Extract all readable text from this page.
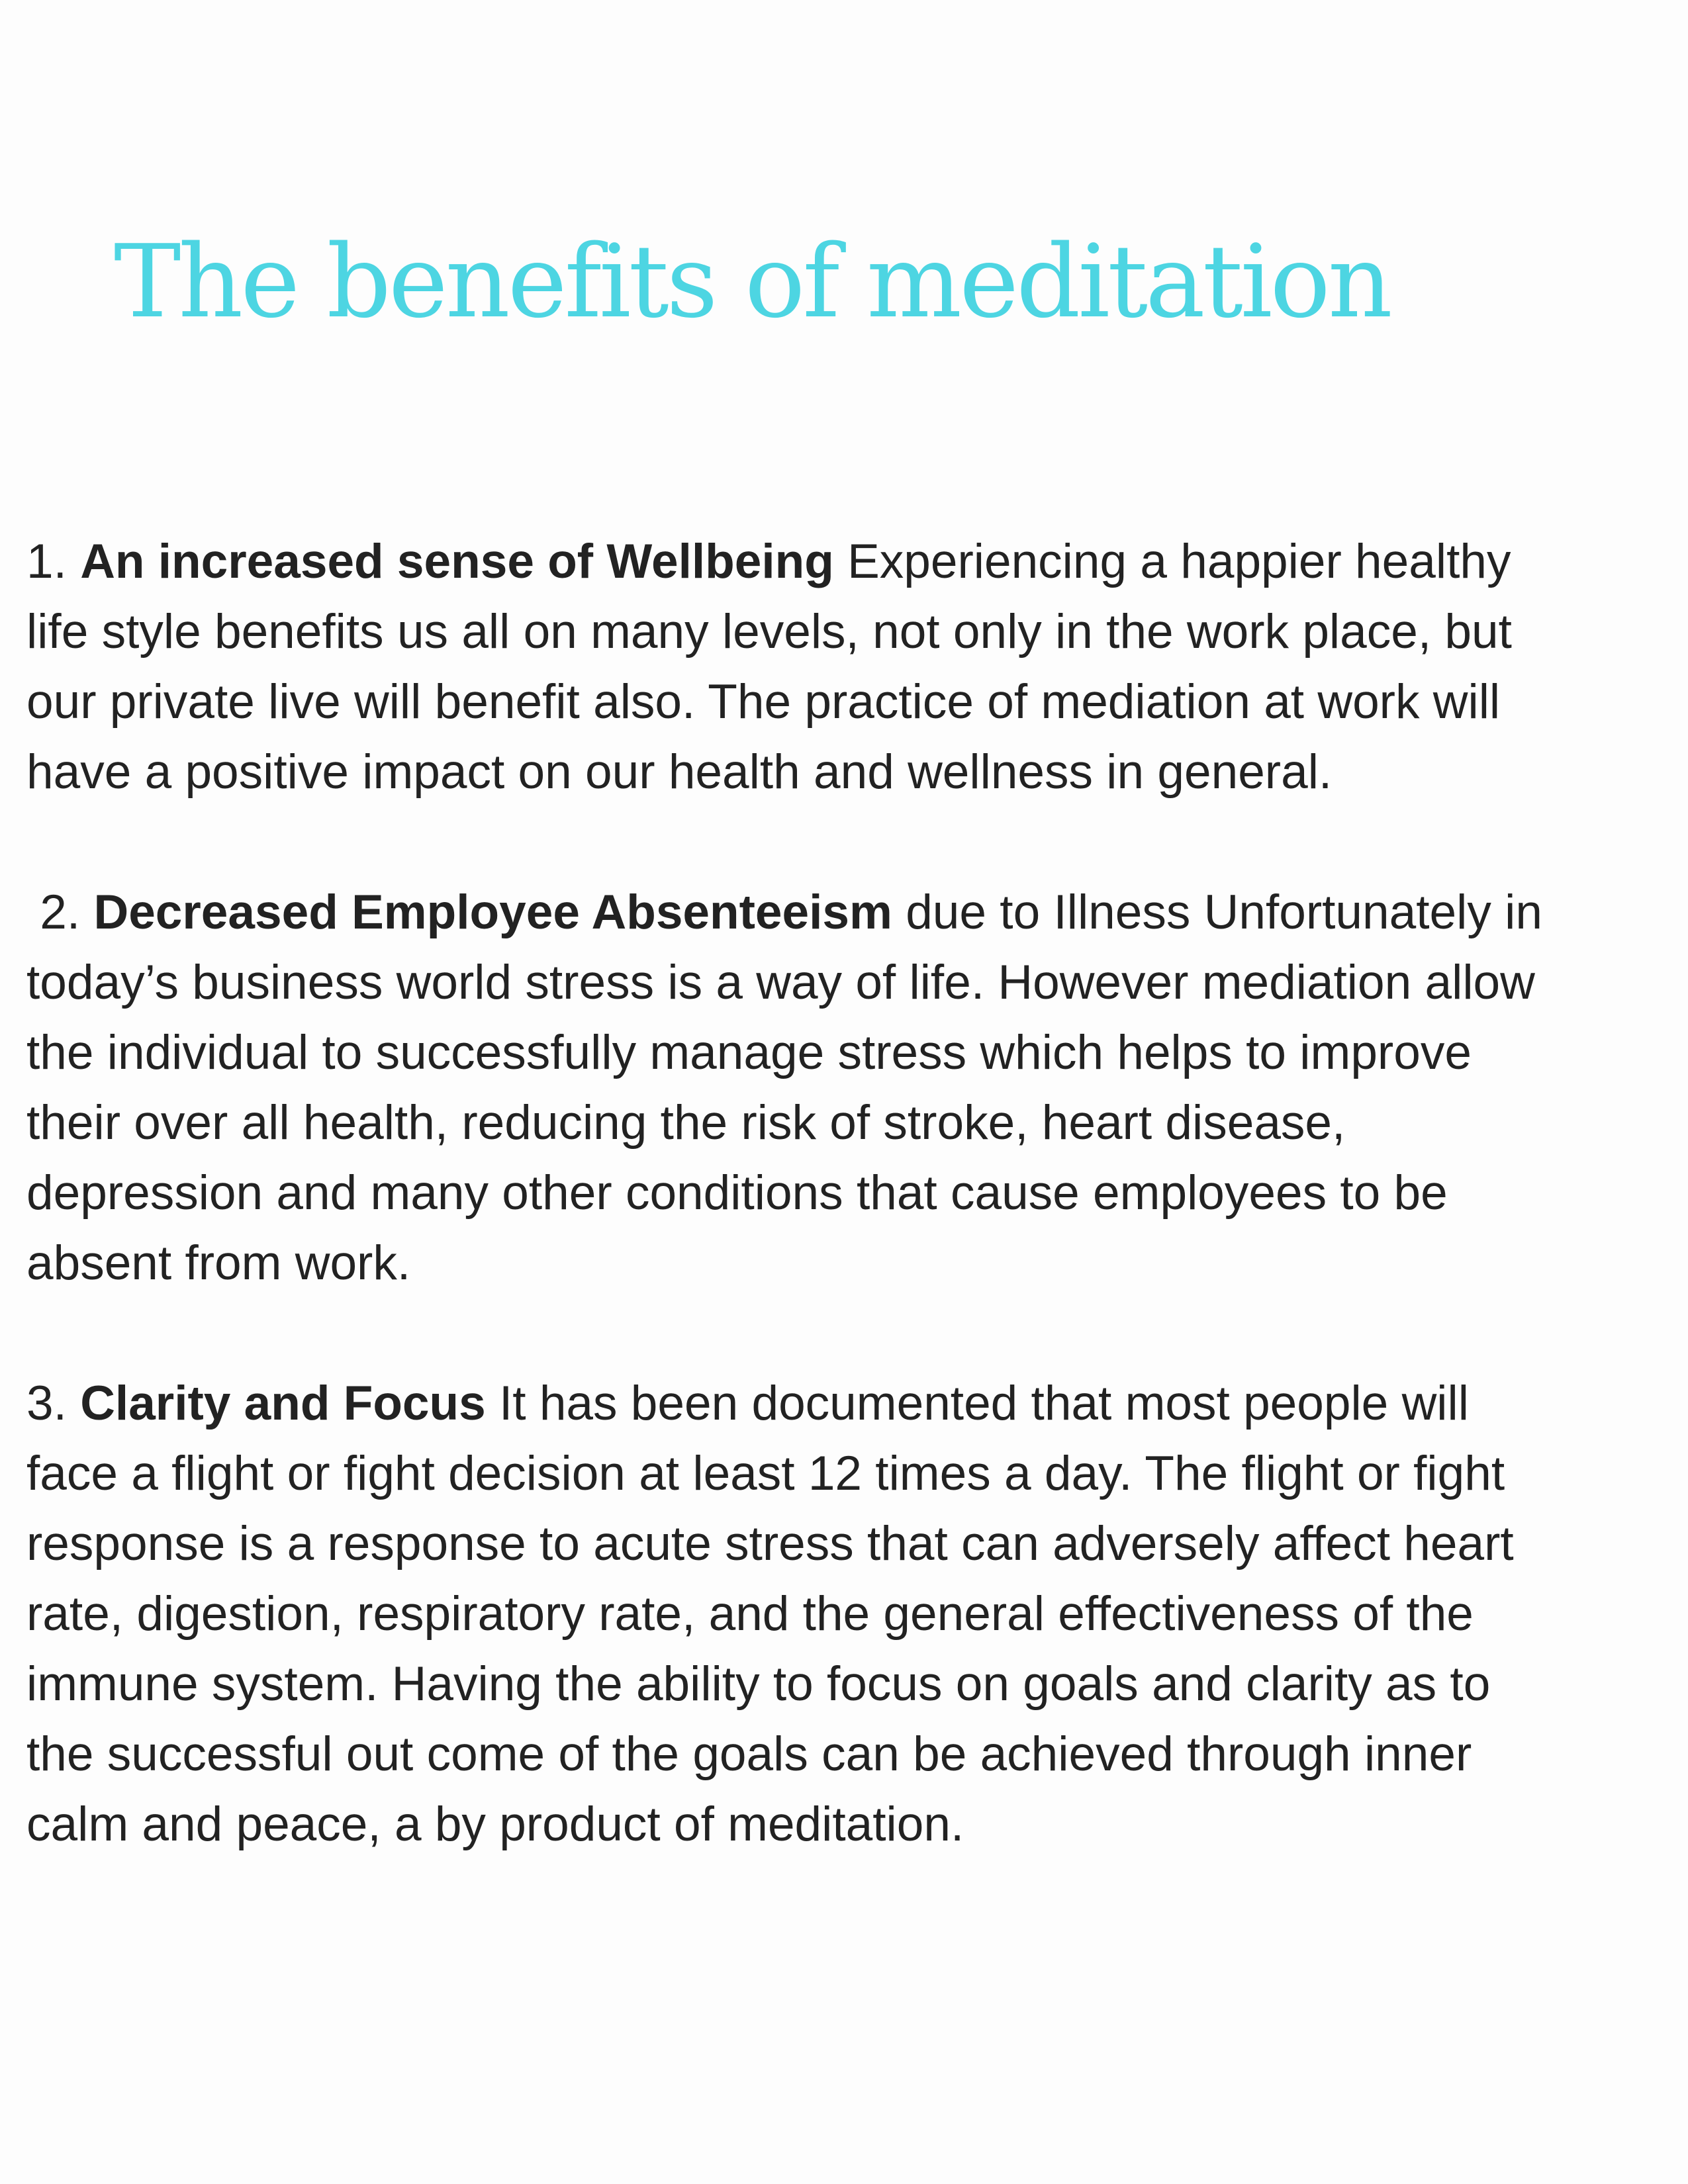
The benefits of meditation
1. An increased sense of Wellbeing Experiencing a happier healthy
life style benefits us all on many levels, not only in the work place, but
our private live will benefit also. The practice of mediation at work will
have a positive impact on our health and wellness in general.
2. Decreased Employee Absenteeism due to Illness Unfortunately in
today’s business world stress is a way of life. However mediation allow
the individual to successfully manage stress which helps to improve
their over all health, reducing the risk of stroke, heart disease,
depression and many other conditions that cause employees to be
absent from work.
3. Clarity and Focus It has been documented that most people will
face a flight or fight decision at least 12 times a day. The flight or fight
response is a response to acute stress that can adversely affect heart
rate, digestion, respiratory rate, and the general effectiveness of the
immune system. Having the ability to focus on goals and clarity as to
the successful out come of the goals can be achieved through inner
calm and peace, a by product of meditation.
